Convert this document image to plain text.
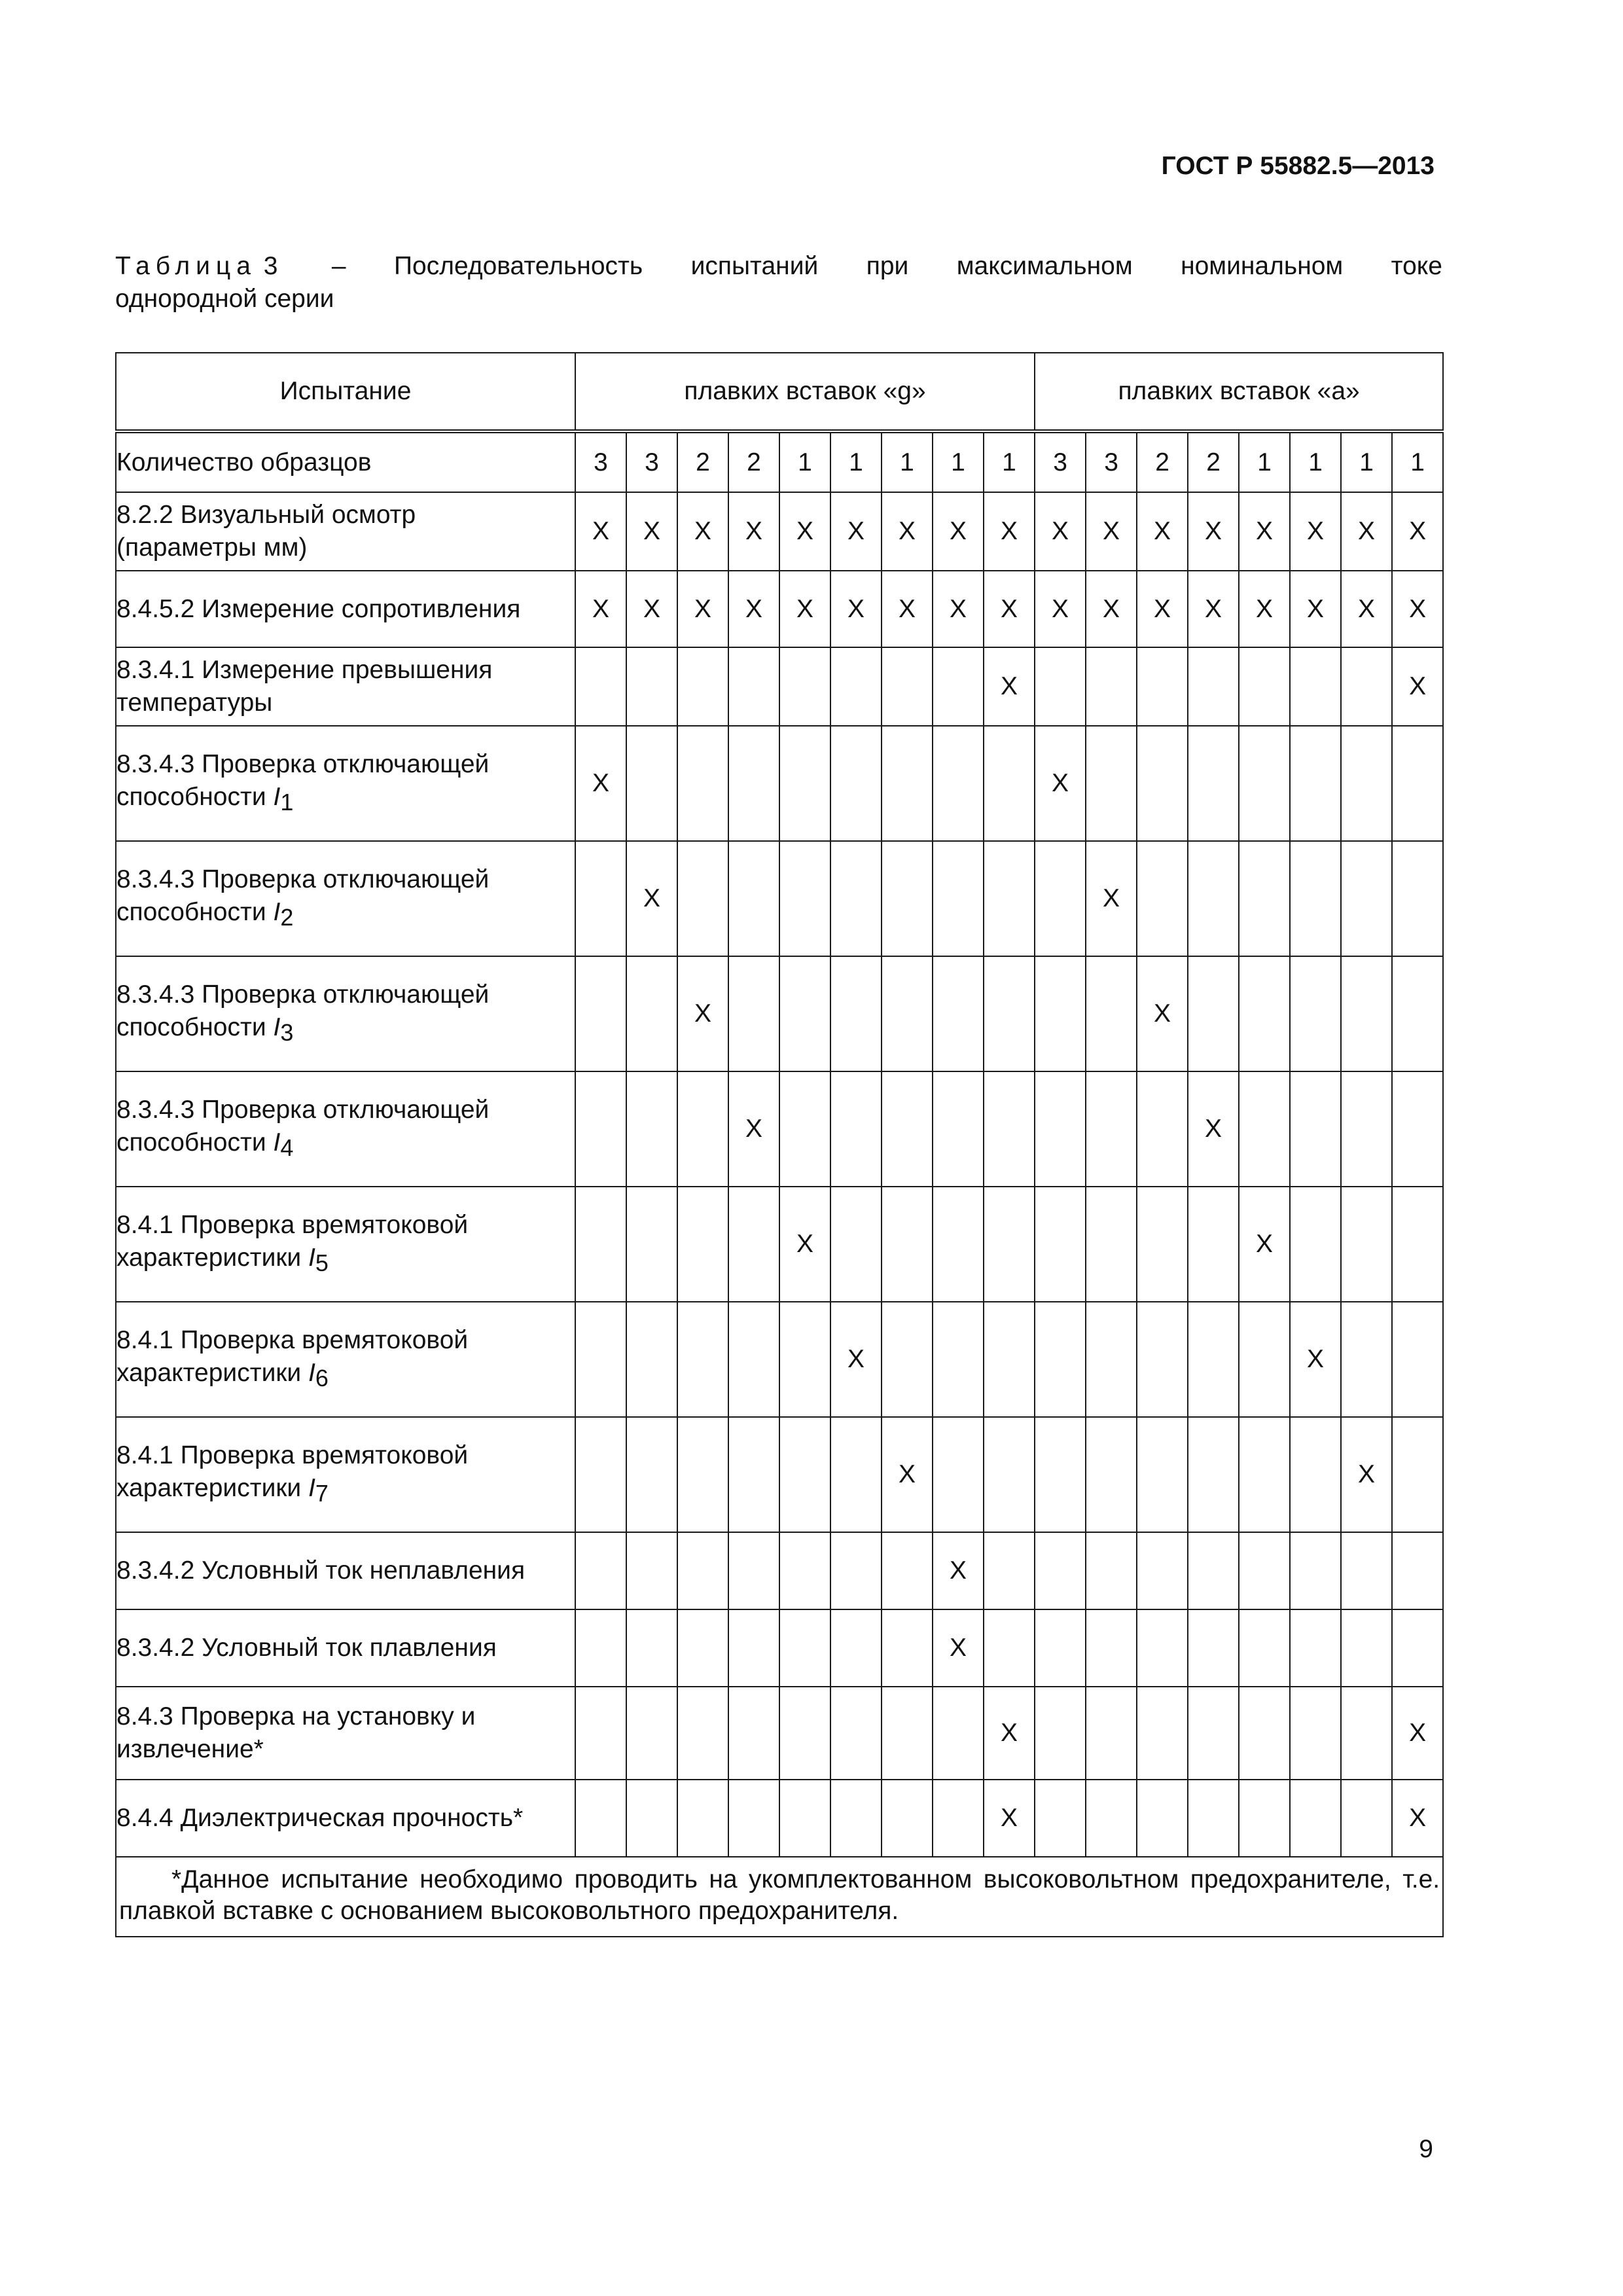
ГОСТ Р 55882.5—2013

Таблица 3 – Последовательность испытаний при максимальном номинальном токе
однородной серии
Испытание	плавких вставок «g»									плавких вставок «a»							
Количество образцов	3	3	2	2	1	1	1	1	1	3	3	2	2	1	1	1	1

8.2.2 Визуальный осмотр
(параметры мм)	X	X	X	X	X	X	X	X	X	X	X	X	X	X	X	X	X

8.4.5.2 Измерение сопротивления	X	X	X	X	X	X	X	X	X	X	X	X	X	X	X	X	X

8.3.4.1 Измерение превышения
температуры									X								X

8.3.4.3 Проверка отключающей
способности $I_1$	X									X							

8.3.4.3 Проверка отключающей
способности $I_2$		X									X						

8.3.4.3 Проверка отключающей
способности $I_3$			X									X					

8.3.4.3 Проверка отключающей
способности $I_4$				X									X				

8.4.1 Проверка времятоковой
характеристики $I_5$					X									X			

8.4.1 Проверка времятоковой
характеристики $I_6$						X									X		

8.4.1 Проверка времятоковой
характеристики $I_7$							X									X	

8.3.4.2 Условный ток неплавления								X									

8.3.4.2 Условный ток плавления								X									

8.4.3 Проверка на установку и
извлечение*									X								X

8.4.4 Диэлектрическая прочность*									X								X

*Данное испытание необходимо проводить на укомплектованном высоковольтном предохранителе, т.е. плавкой вставке с основанием высоковольтного предохранителя.																	

9
